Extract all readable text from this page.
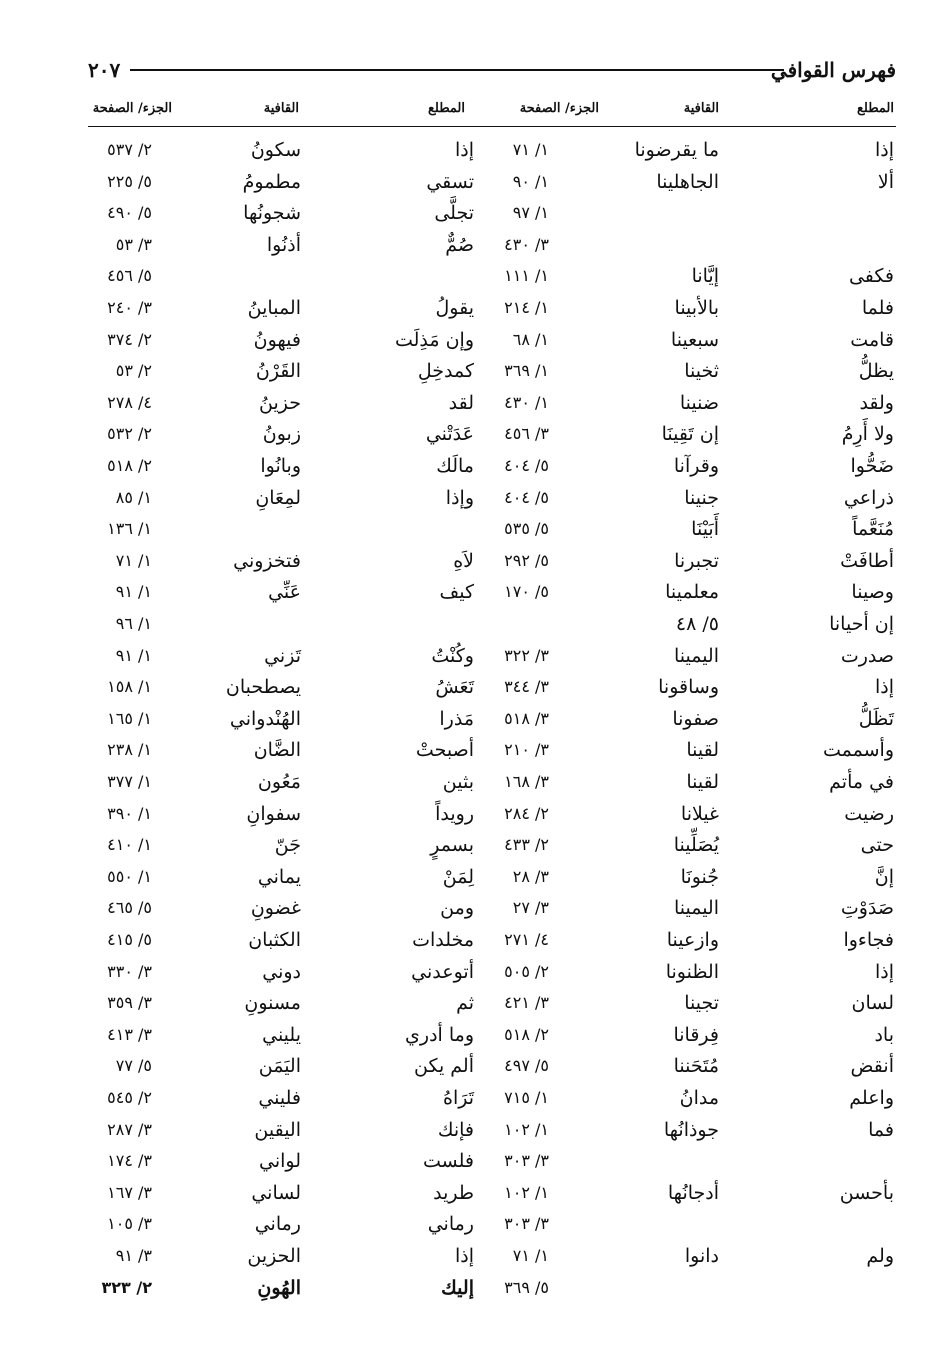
فهرس القوافي
٢٠٧
المطلع
القافية
الجزء/ الصفحة
المطلع
القافية
الجزء/ الصفحة
إذا
ما يقرضونا
١/ ٧١
ألا
الجاهلينا
١/ ٩٠
١/ ٩٧
٣/ ٤٣٠
فكفى
إيَّانا
١/ ١١١
فلما
بالأبينا
١/ ٢١٤
قامت
سبعينا
١/ ٦٨
يظلُّ
ثخينا
١/ ٣٦٩
ولقد
ضنينا
١/ ٤٣٠
ولا أَرِمُ
إن تَقِينَا
٣/ ٤٥٦
ضَحُّوا
وقرآنا
٥/ ٤٠٤
ذراعي
جنينا
٥/ ٤٠٤
مُنَعَّماً
أَبَيْنَا
٥/ ٥٣٥
أطافَتْ
تجبرنا
٥/ ٢٩٢
وصينا
معلمينا
٥/ ١٧٠
إن أحيانا
٥/ ٤٨
صدرت
اليمينا
٣/ ٣٢٢
إذا
وساقونا
٣/ ٣٤٤
تَظَلُّ
صفونا
٣/ ٥١٨
وأسممت
لقينا
٣/ ٢١٠
في مأتم
لقينا
٣/ ١٦٨
رضيت
غيلانا
٢/ ٢٨٤
حتى
يُصَلِّينا
٢/ ٤٣٣
إنَّ
جُنونَا
٣/ ٢٨
صَدَوْتِ
اليمينا
٣/ ٢٧
فجاءوا
وازعينا
٤/ ٢٧١
إذا
الظنونا
٢/ ٥٠٥
لسان
تجينا
٣/ ٤٢١
باد
فِرقانا
٢/ ٥١٨
أنقض
مُتَحَننا
٥/ ٤٩٧
واعلم
مدانُ
١/ ٧١٥
فما
جوذانُها
١/ ١٠٢
٣/ ٣٠٣
بأحسن
أدجانُها
١/ ١٠٢
٣/ ٣٠٣
ولم
دانوا
١/ ٧١
٥/ ٣٦٩
إذا
سكونُ
٢/ ٥٣٧
تسقي
مطمومُ
٥/ ٢٢٥
تجلَّى
شجونُها
٥/ ٤٩٠
صُمٌّ
أذنُوا
٣/ ٥٣
٥/ ٤٥٦
يقولُ
المباينُ
٣/ ٢٤٠
وإن مَذِلَت
فيهونُ
٢/ ٣٧٤
كمدخِلِ
القَرْنُ
٢/ ٥٣
لقد
حزينُ
٤/ ٢٧٨
عَدَتْني
زبونُ
٢/ ٥٣٢
مالَك
وبانُوا
٢/ ٥١٨
وإذا
لمِعَانِ
١/ ٨٥
١/ ١٣٦
لاَهِ
فتخزوني
١/ ٧١
كيف
عَنِّي
١/ ٩١
١/ ٩٦
وكُنْتُ
تَزني
١/ ٩١
تَعَشُ
يصطحبان
١/ ١٥٨
مَذرا
الهُنْدواني
١/ ١٦٥
أصبحتْ
الضَّان
١/ ٢٣٨
بثين
مَعُون
١/ ٣٧٧
رويداً
سفوانِ
١/ ٣٩٠
بسمرٍ
جَنّ
١/ ٤١٠
لِمَنْ
يماني
١/ ٥٥٠
ومن
غضونِ
٥/ ٤٦٥
مخلدات
الكثبان
٥/ ٤١٥
أتوعدني
دوني
٣/ ٣٣٠
ثم
مسنونِ
٣/ ٣٥٩
وما أدري
يليني
٣/ ٤١٣
ألم يكن
اليَمَن
٥/ ٧٧
تَرَاهُ
فليني
٢/ ٥٤٥
فإنك
اليقين
٣/ ٢٨٧
فلست
لواني
٣/ ١٧٤
طريد
لساني
٣/ ١٦٧
رماني
رماني
٣/ ١٠٥
إذا
الحزين
٣/ ٩١
إليك
الهُونِ
٢/ ٣٢٣
